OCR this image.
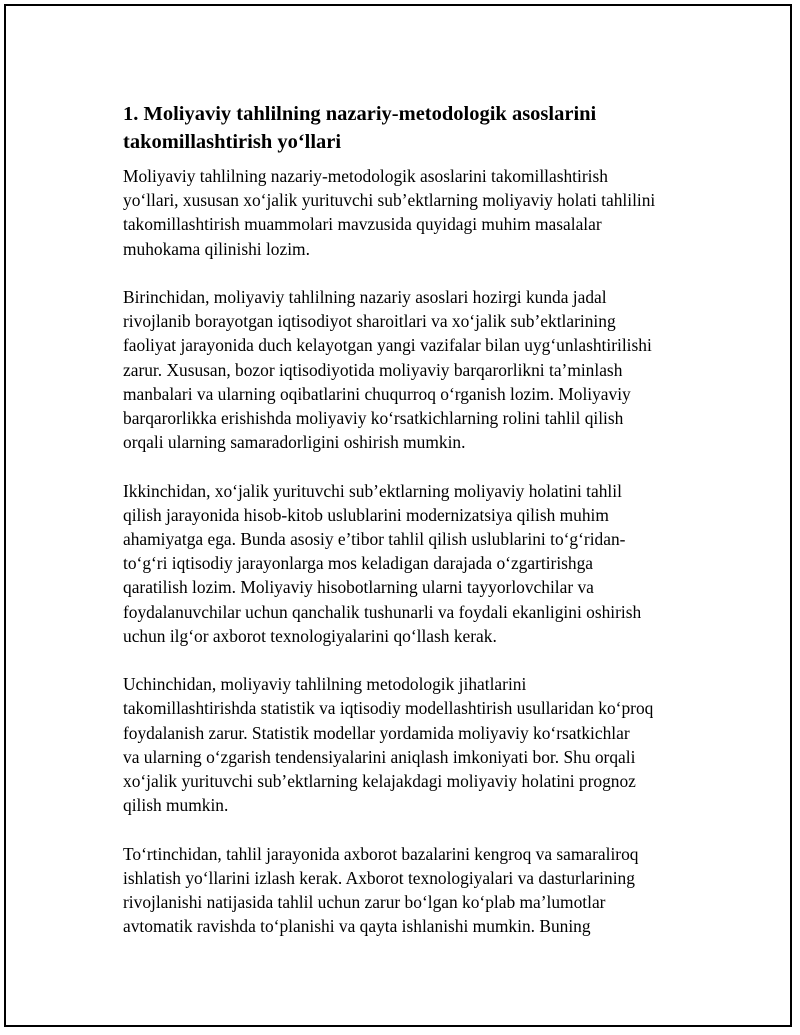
1. Moliyaviy tahlilning nazariy-metodologik asoslarini
takomillashtirish yo‘llari

Moliyaviy tahlilning nazariy-metodologik asoslarini takomillashtirish
yo‘llari, xususan xo‘jalik yurituvchi sub’ektlarning moliyaviy holati tahlilini
takomillashtirish muammolari mavzusida quyidagi muhim masalalar
muhokama qilinishi lozim.

Birinchidan, moliyaviy tahlilning nazariy asoslari hozirgi kunda jadal
rivojlanib borayotgan iqtisodiyot sharoitlari va xo‘jalik sub’ektlarining
faoliyat jarayonida duch kelayotgan yangi vazifalar bilan uyg‘unlashtirilishi
zarur. Xususan, bozor iqtisodiyotida moliyaviy barqarorlikni ta’minlash
manbalari va ularning oqibatlarini chuqurroq o‘rganish lozim. Moliyaviy
barqarorlikka erishishda moliyaviy ko‘rsatkichlarning rolini tahlil qilish
orqali ularning samaradorligini oshirish mumkin.

Ikkinchidan, xo‘jalik yurituvchi sub’ektlarning moliyaviy holatini tahlil
qilish jarayonida hisob-kitob uslublarini modernizatsiya qilish muhim
ahamiyatga ega. Bunda asosiy e’tibor tahlil qilish uslublarini to‘g‘ridan-
to‘g‘ri iqtisodiy jarayonlarga mos keladigan darajada o‘zgartirishga
qaratilish lozim. Moliyaviy hisobotlarning ularni tayyorlovchilar va
foydalanuvchilar uchun qanchalik tushunarli va foydali ekanligini oshirish
uchun ilg‘or axborot texnologiyalarini qo‘llash kerak.

Uchinchidan, moliyaviy tahlilning metodologik jihatlarini
takomillashtirishda statistik va iqtisodiy modellashtirish usullaridan ko‘proq
foydalanish zarur. Statistik modellar yordamida moliyaviy ko‘rsatkichlar
va ularning o‘zgarish tendensiyalarini aniqlash imkoniyati bor. Shu orqali
xo‘jalik yurituvchi sub’ektlarning kelajakdagi moliyaviy holatini prognoz
qilish mumkin.

To‘rtinchidan, tahlil jarayonida axborot bazalarini kengroq va samaraliroq
ishlatish yo‘llarini izlash kerak. Axborot texnologiyalari va dasturlarining
rivojlanishi natijasida tahlil uchun zarur bo‘lgan ko‘plab ma’lumotlar
avtomatik ravishda to‘planishi va qayta ishlanishi mumkin. Buning
